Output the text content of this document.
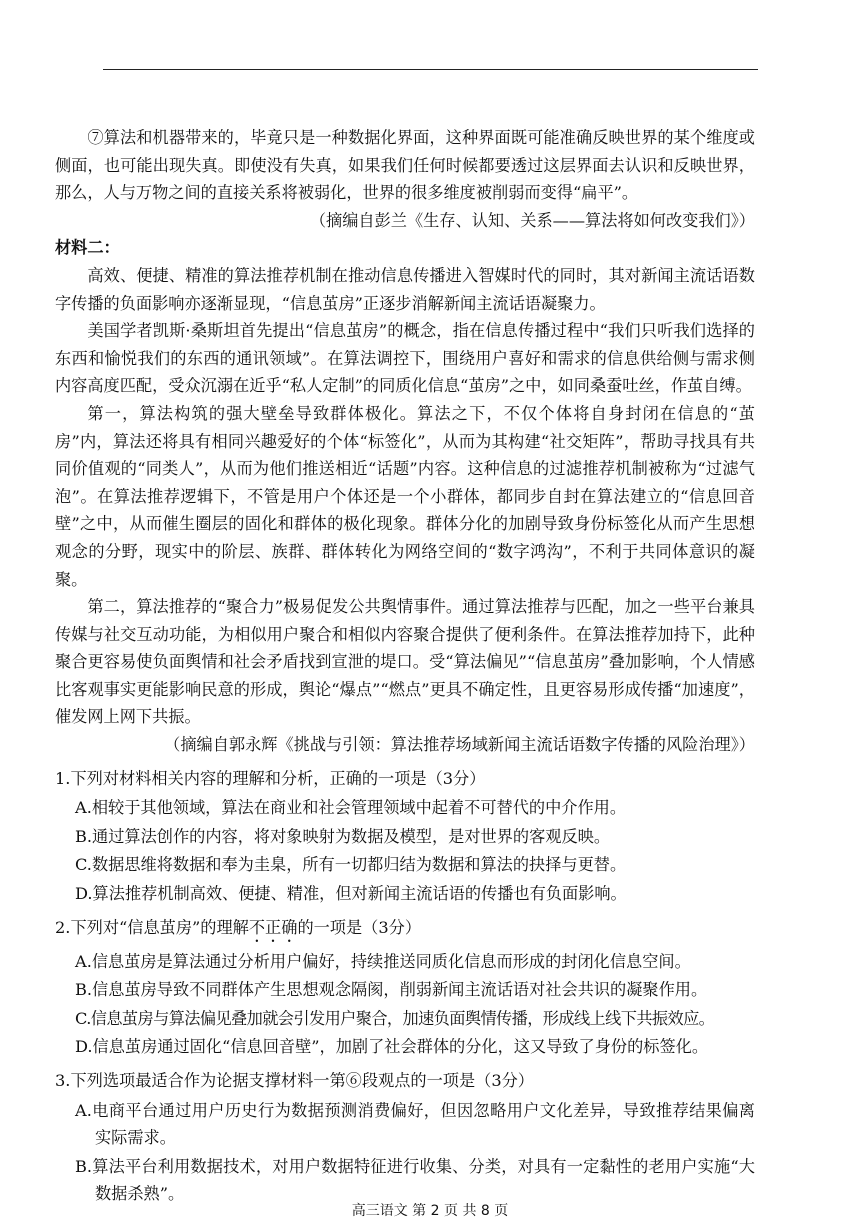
⑦算法和机器带来的，毕竟只是一种数据化界面，这种界面既可能准确反映世界的某个维度或侧面，也可能出现失真。即使没有失真，如果我们任何时候都要透过这层界面去认识和反映世界，那么，人与万物之间的直接关系将被弱化，世界的很多维度被削弱而变得“扁平”。

（摘编自彭兰《生存、认知、关系——算法将如何改变我们》）

材料二：

高效、便捷、精准的算法推荐机制在推动信息传播进入智媒时代的同时，其对新闻主流话语数字传播的负面影响亦逐渐显现，“信息茧房”正逐步消解新闻主流话语凝聚力。

美国学者凯斯·桑斯坦首先提出“信息茧房”的概念，指在信息传播过程中“我们只听我们选择的东西和愉悦我们的东西的通讯领域”。在算法调控下，围绕用户喜好和需求的信息供给侧与需求侧内容高度匹配，受众沉溺在近乎“私人定制”的同质化信息“茧房”之中，如同桑蚕吐丝，作茧自缚。

第一，算法构筑的强大壁垒导致群体极化。算法之下，不仅个体将自身封闭在信息的“茧房”内，算法还将具有相同兴趣爱好的个体“标签化”，从而为其构建“社交矩阵”，帮助寻找具有共同价值观的“同类人”，从而为他们推送相近“话题”内容。这种信息的过滤推荐机制被称为“过滤气泡”。在算法推荐逻辑下，不管是用户个体还是一个小群体，都同步自封在算法建立的“信息回音壁”之中，从而催生圈层的固化和群体的极化现象。群体分化的加剧导致身份标签化从而产生思想观念的分野，现实中的阶层、族群、群体转化为网络空间的“数字鸿沟”，不利于共同体意识的凝聚。

第二，算法推荐的“聚合力”极易促发公共舆情事件。通过算法推荐与匹配，加之一些平台兼具传媒与社交互动功能，为相似用户聚合和相似内容聚合提供了便利条件。在算法推荐加持下，此种聚合更容易使负面舆情和社会矛盾找到宣泄的堤口。受“算法偏见”“信息茧房”叠加影响，个人情感比客观事实更能影响民意的形成，舆论“爆点”“燃点”更具不确定性，且更容易形成传播“加速度”，催发网上网下共振。

（摘编自郭永辉《挑战与引领：算法推荐场域新闻主流话语数字传播的风险治理》）

1.下列对材料相关内容的理解和分析，正确的一项是（3分）

A.相较于其他领域，算法在商业和社会管理领域中起着不可替代的中介作用。

B.通过算法创作的内容，将对象映射为数据及模型，是对世界的客观反映。

C.数据思维将数据和奉为圭臬，所有一切都归结为数据和算法的抉择与更替。

D.算法推荐机制高效、便捷、精准，但对新闻主流话语的传播也有负面影响。

2.下列对“信息茧房”的理解不正确的一项是（3分）

A.信息茧房是算法通过分析用户偏好，持续推送同质化信息而形成的封闭化信息空间。

B.信息茧房导致不同群体产生思想观念隔阂，削弱新闻主流话语对社会共识的凝聚作用。

C.信息茧房与算法偏见叠加就会引发用户聚合，加速负面舆情传播，形成线上线下共振效应。

D.信息茧房通过固化“信息回音壁”，加剧了社会群体的分化，这又导致了身份的标签化。

3.下列选项最适合作为论据支撑材料一第⑥段观点的一项是（3分）

A.电商平台通过用户历史行为数据预测消费偏好，但因忽略用户文化差异，导致推荐结果偏离实际需求。

B.算法平台利用数据技术，对用户数据特征进行收集、分类，对具有一定黏性的老用户实施“大数据杀熟”。

高三语文 第 2 页 共 8 页
